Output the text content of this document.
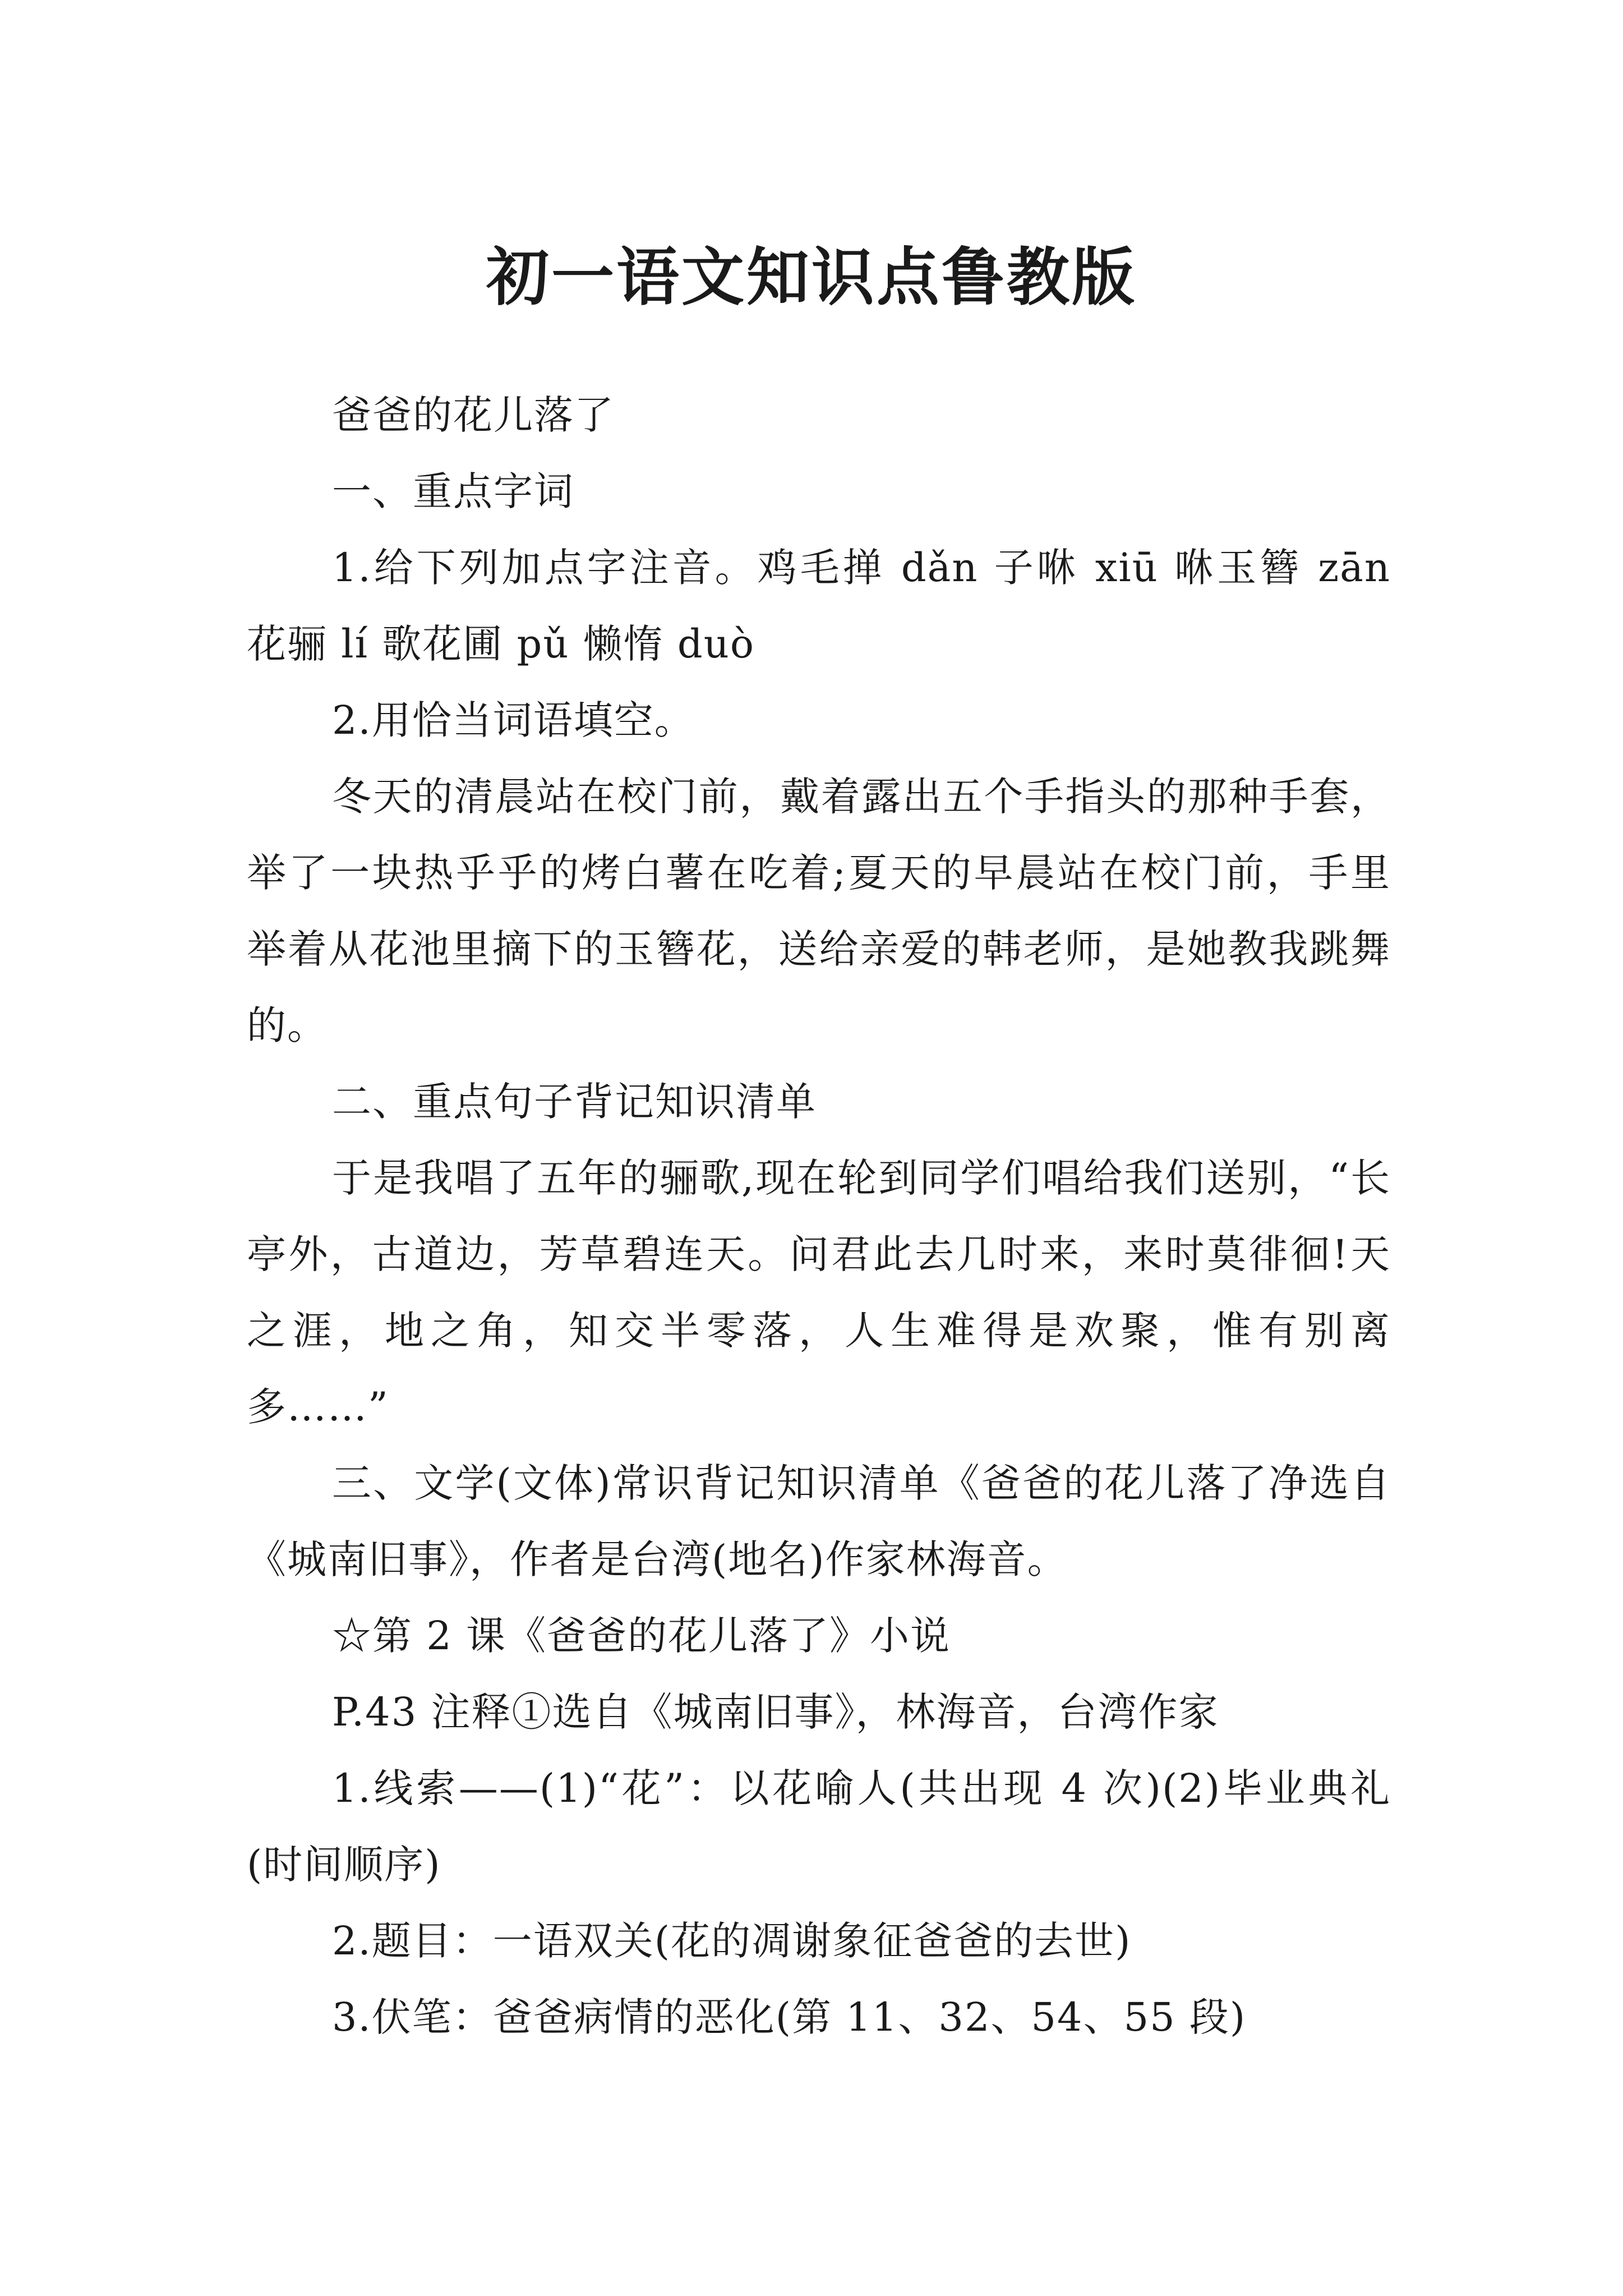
初一语文知识点鲁教版

爸爸的花儿落了

一、重点字词

1.给下列加点字注音。鸡毛掸 dǎn 子咻 xiū 咻玉簪 zān 花骊 lí 歌花圃 pǔ 懒惰 duò

2.用恰当词语填空。

冬天的清晨站在校门前，戴着露出五个手指头的那种手套，举了一块热乎乎的烤白薯在吃着;夏天的早晨站在校门前，手里举着从花池里摘下的玉簪花，送给亲爱的韩老师，是她教我跳舞的。

二、重点句子背记知识清单

于是我唱了五年的骊歌,现在轮到同学们唱给我们送别，“长亭外，古道边，芳草碧连天。问君此去几时来，来时莫徘徊!天之涯，地之角，知交半零落，人生难得是欢聚，惟有别离多……”

三、文学(文体)常识背记知识清单《爸爸的花儿落了净选自《城南旧事》，作者是台湾(地名)作家林海音。

☆第 2 课《爸爸的花儿落了》小说

P.43 注释①选自《城南旧事》，林海音，台湾作家

1.线索——(1)“花”：以花喻人(共出现 4 次)(2)毕业典礼(时间顺序)

2.题目：一语双关(花的凋谢象征爸爸的去世)

3.伏笔：爸爸病情的恶化(第 11、32、54、55 段)
